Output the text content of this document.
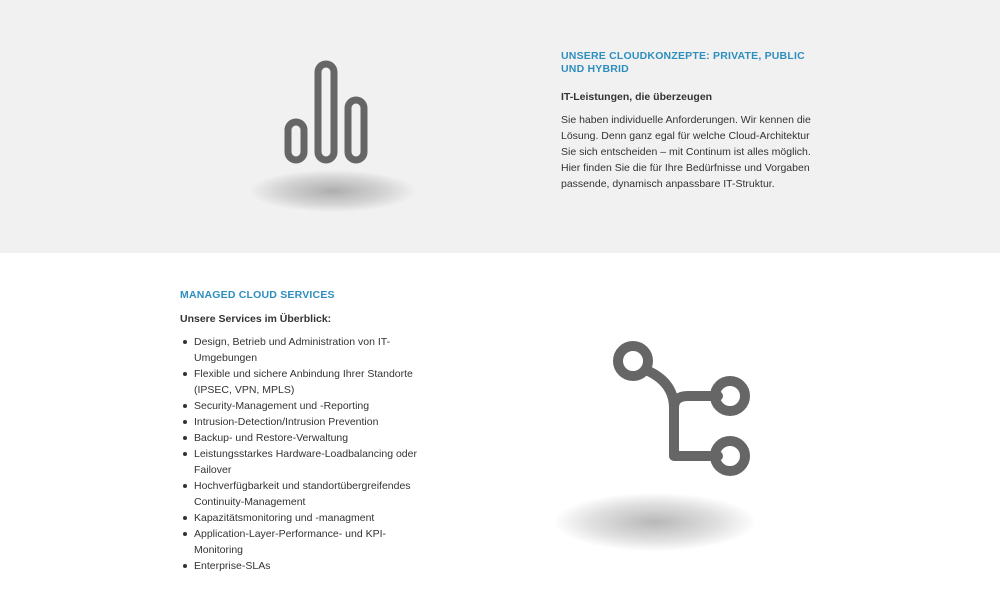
UNSERE CLOUDKONZEPTE: PRIVATE, PUBLIC UND HYBRID

IT-Leistungen, die überzeugen

Sie haben individuelle Anforderungen. Wir kennen die Lösung. Denn ganz egal für welche Cloud-Architektur Sie sich entscheiden – mit Continum ist alles möglich. Hier finden Sie die für Ihre Bedürfnisse und Vorgaben passende, dynamisch anpassbare IT-Struktur.

MANAGED CLOUD SERVICES

Unsere Services im Überblick:

Design, Betrieb und Administration von IT-Umgebungen
Flexible und sichere Anbindung Ihrer Standorte (IPSEC, VPN, MPLS)
Security-Management und -Reporting
Intrusion-Detection/Intrusion Prevention
Backup- und Restore-Verwaltung
Leistungsstarkes Hardware-Loadbalancing oder Failover
Hochverfügbarkeit und standortübergreifendes Continuity-Management
Kapazitätsmonitoring und -managment
Application-Layer-Performance- und KPI-Monitoring
Enterprise-SLAs
